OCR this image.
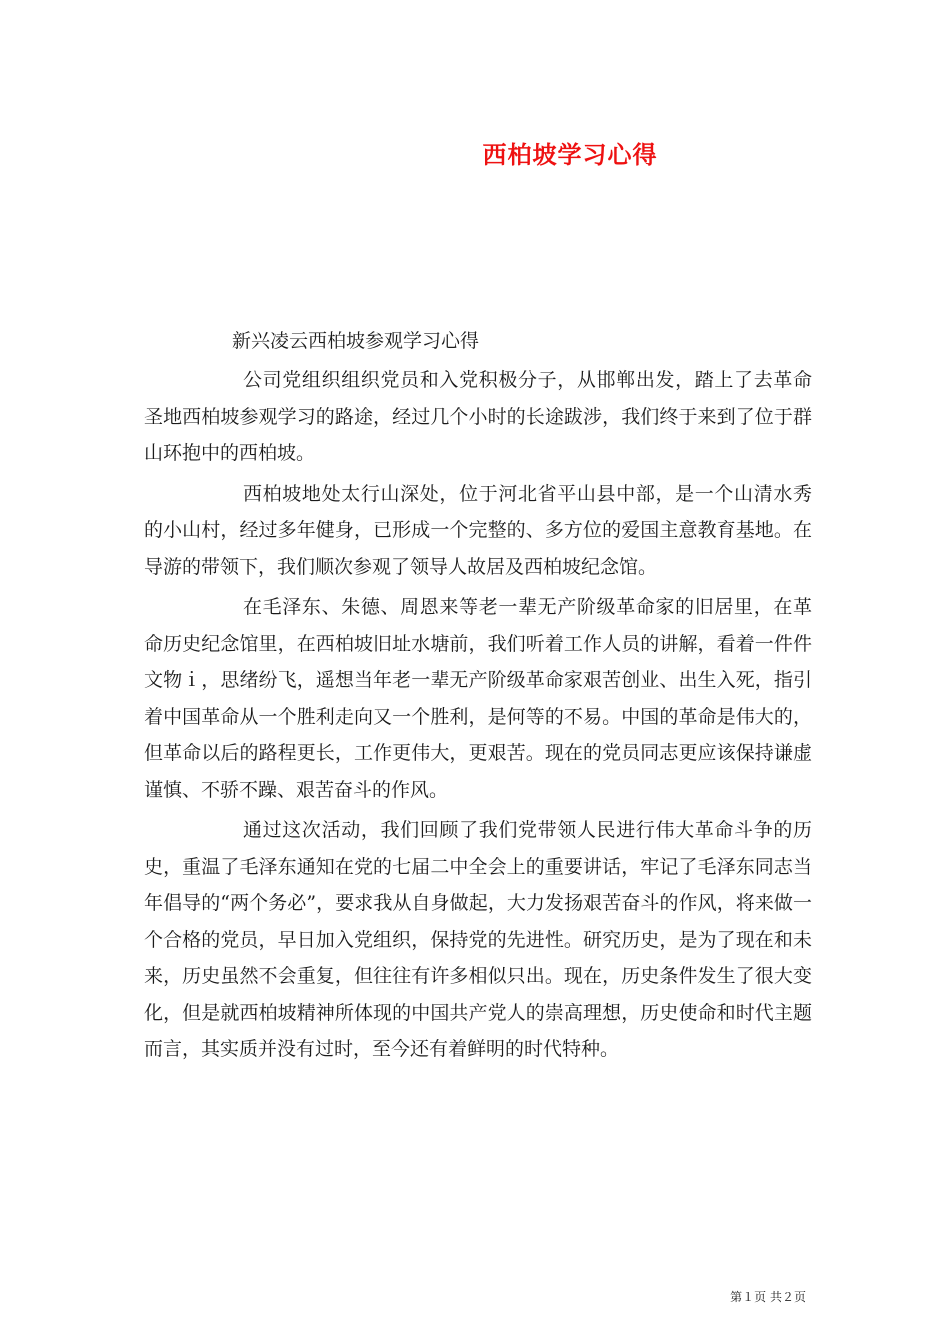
西柏坡学习心得

新兴凌云西柏坡参观学习心得

公司党组织组织党员和入党积极分子，从邯郸出发，踏上了去革命圣地西柏坡参观学习的路途，经过几个小时的长途跋涉，我们终于来到了位于群山环抱中的西柏坡。

西柏坡地处太行山深处，位于河北省平山县中部，是一个山清水秀的小山村，经过多年健身，已形成一个完整的、多方位的爱国主意教育基地。在导游的带领下，我们顺次参观了领导人故居及西柏坡纪念馆。

在毛泽东、朱德、周恩来等老一辈无产阶级革命家的旧居里，在革命历史纪念馆里，在西柏坡旧址水塘前，我们听着工作人员的讲解，看着一件件文物ｉ，思绪纷飞，遥想当年老一辈无产阶级革命家艰苦创业、出生入死，指引着中国革命从一个胜利走向又一个胜利，是何等的不易。中国的革命是伟大的，但革命以后的路程更长，工作更伟大，更艰苦。现在的党员同志更应该保持谦虚谨慎、不骄不躁、艰苦奋斗的作风。

通过这次活动，我们回顾了我们党带领人民进行伟大革命斗争的历史，重温了毛泽东通知在党的七届二中全会上的重要讲话，牢记了毛泽东同志当年倡导的“两个务必”，要求我从自身做起，大力发扬艰苦奋斗的作风，将来做一个合格的党员，早日加入党组织，保持党的先进性。研究历史，是为了现在和未来，历史虽然不会重复，但往往有许多相似只出。现在，历史条件发生了很大变化，但是就西柏坡精神所体现的中国共产党人的崇高理想，历史使命和时代主题而言，其实质并没有过时，至今还有着鲜明的时代特种。

第１页 共２页
